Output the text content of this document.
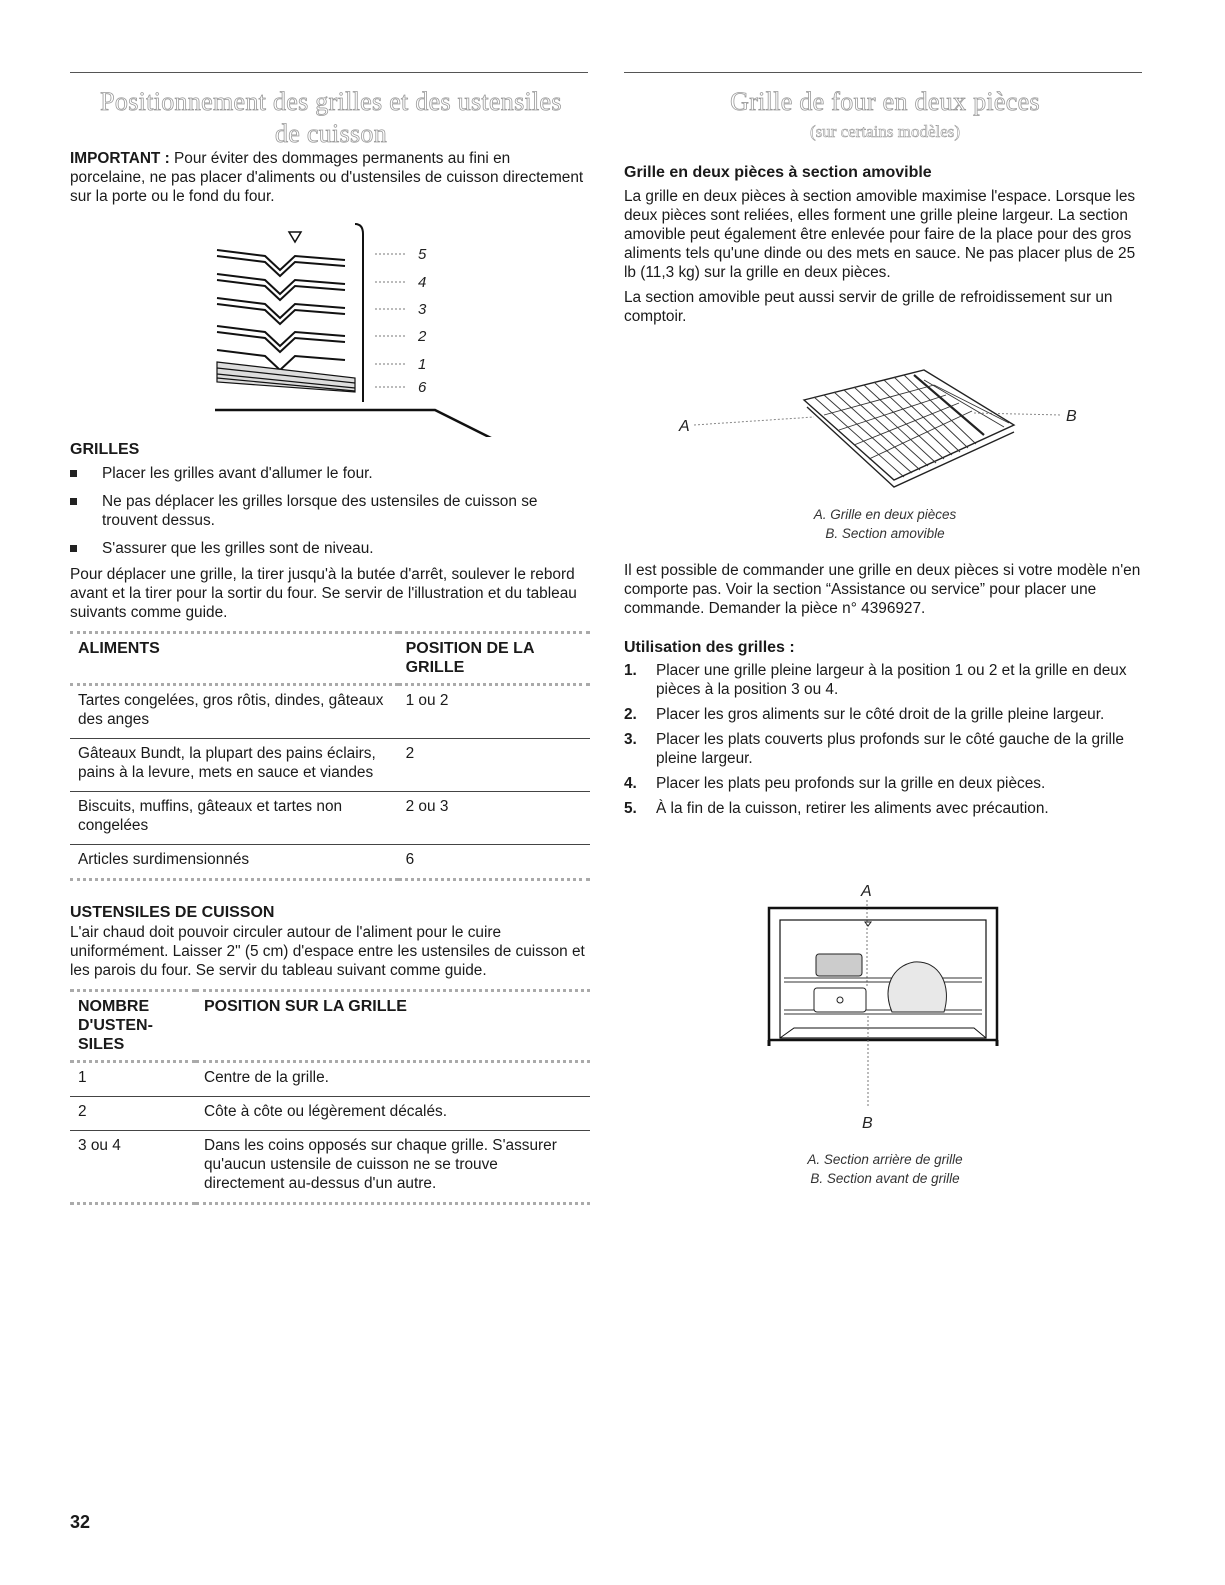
Positionnement des grilles et des ustensiles
de cuisson

IMPORTANT : Pour éviter des dommages permanents au fini en porcelaine, ne pas placer d'aliments ou d'ustensiles de cuisson directement sur la porte ou le fond du four.

5
4
3
2
1
6
GRILLES
Placer les grilles avant d'allumer le four.
Ne pas déplacer les grilles lorsque des ustensiles de cuisson se trouvent dessus.
S'assurer que les grilles sont de niveau.

Pour déplacer une grille, la tirer jusqu'à la butée d'arrêt, soulever le rebord avant et la tirer pour la sortir du four. Se servir de l'illustration et du tableau suivants comme guide.

ALIMENTS	POSITION DE LA GRILLE
Tartes congelées, gros rôtis, dindes, gâteaux des anges	1 ou 2
Gâteaux Bundt, la plupart des pains éclairs, pains à la levure, mets en sauce et viandes	2
Biscuits, muffins, gâteaux et tartes non congelées	2 ou 3
Articles surdimensionnés	6
USTENSILES DE CUISSON

L'air chaud doit pouvoir circuler autour de l'aliment pour le cuire uniformément. Laisser 2" (5 cm) d'espace entre les ustensiles de cuisson et les parois du four. Se servir du tableau suivant comme guide.

NOMBRE D'USTEN-SILES	POSITION SUR LA GRILLE
1	Centre de la grille.
2	Côte à côte ou légèrement décalés.
3 ou 4	Dans les coins opposés sur chaque grille. S'assurer qu'aucun ustensile de cuisson ne se trouve directement au-dessus d'un autre.
Grille de four en deux pièces
(sur certains modèles)
Grille en deux pièces à section amovible

La grille en deux pièces à section amovible maximise l'espace. Lorsque les deux pièces sont reliées, elles forment une grille pleine largeur. La section amovible peut également être enlevée pour faire de la place pour des gros aliments tels qu'une dinde ou des mets en sauce. Ne pas placer plus de 25 lb (11,3 kg) sur la grille en deux pièces.

La section amovible peut aussi servir de grille de refroidissement sur un comptoir.

A
B
A. Grille en deux pièces
B. Section amovible

Il est possible de commander une grille en deux pièces si votre modèle n'en comporte pas. Voir la section “Assistance ou service” pour placer une commande. Demander la pièce n° 4396927.

Utilisation des grilles :
1. Placer une grille pleine largeur à la position 1 ou 2 et la grille en deux pièces à la position 3 ou 4.
2. Placer les gros aliments sur le côté droit de la grille pleine largeur.
3. Placer les plats couverts plus profonds sur le côté gauche de la grille pleine largeur.
4. Placer les plats peu profonds sur la grille en deux pièces.
5. À la fin de la cuisson, retirer les aliments avec précaution.
A
B
A. Section arrière de grille
B. Section avant de grille
32
